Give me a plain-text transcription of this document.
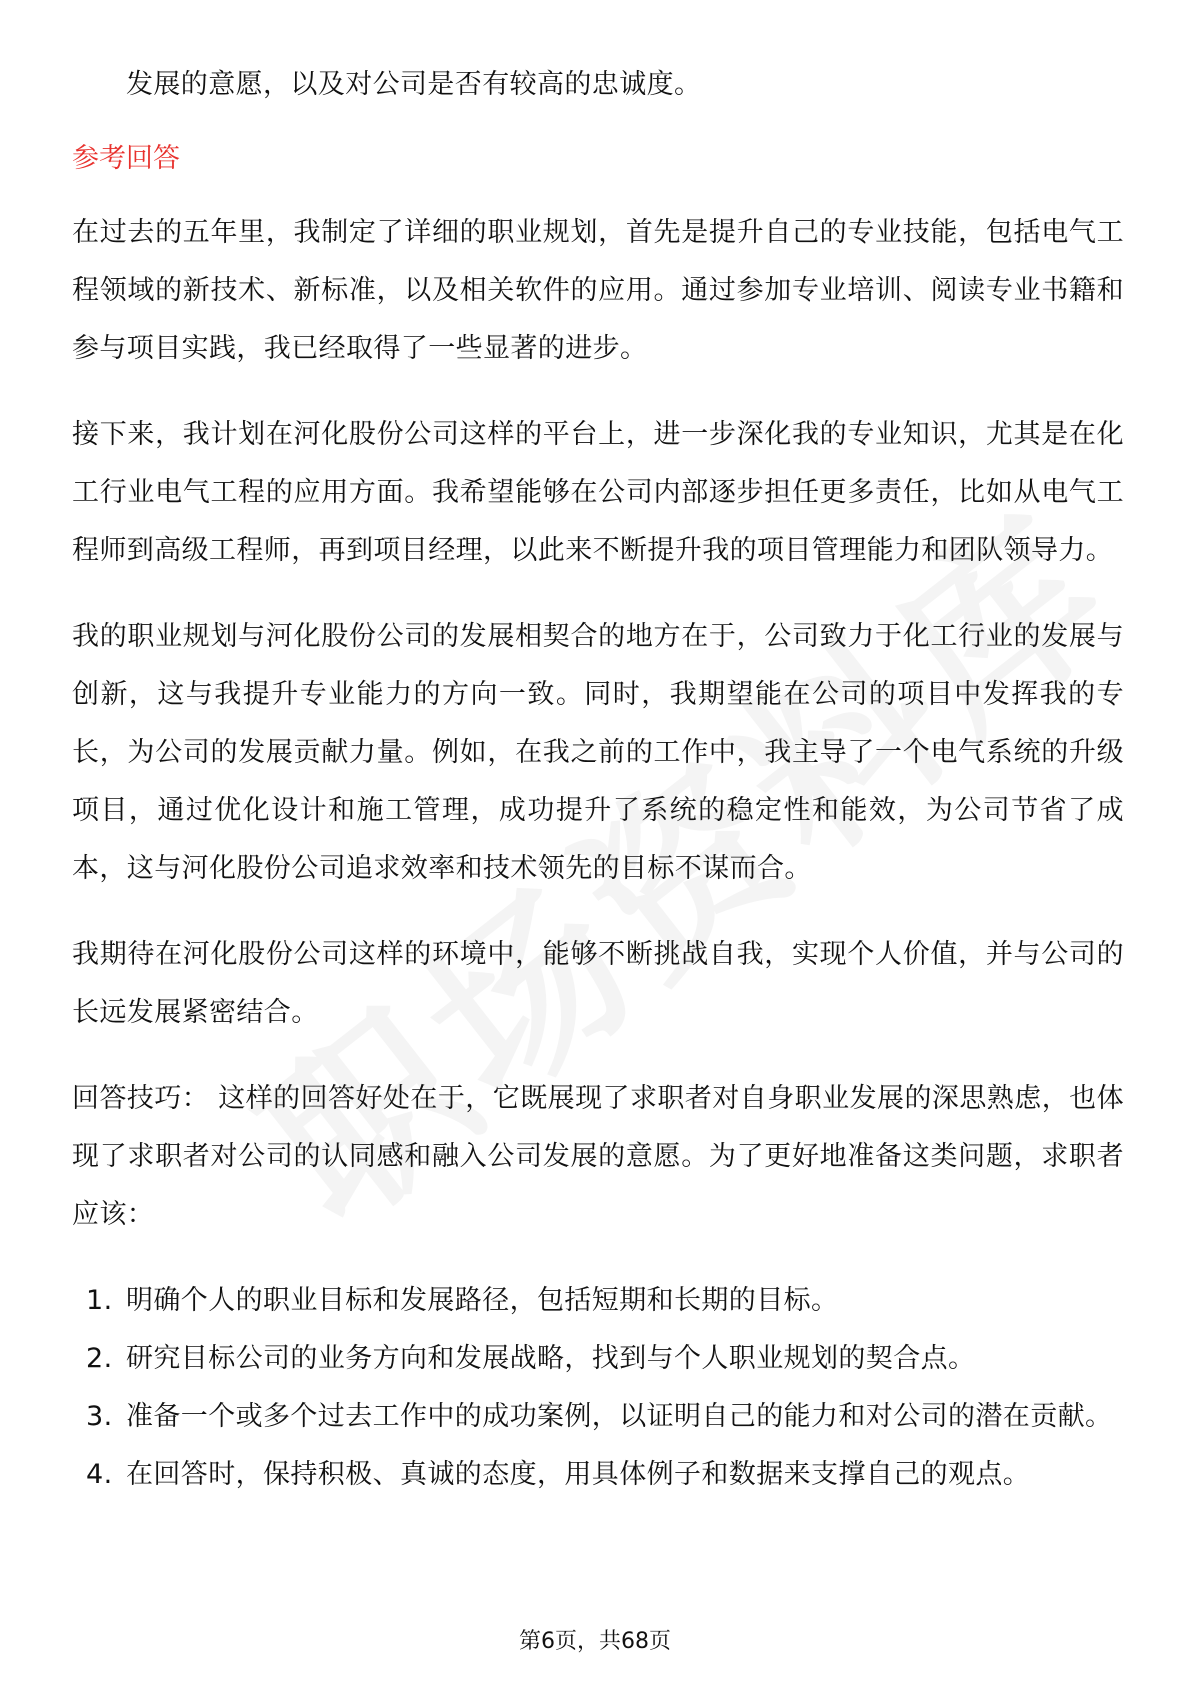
发展的意愿，以及对公司是否有较高的忠诚度。

参考回答

在过去的五年里，我制定了详细的职业规划，首先是提升自己的专业技能，包括电气工程领域的新技术、新标准，以及相关软件的应用。通过参加专业培训、阅读专业书籍和参与项目实践，我已经取得了一些显著的进步。

接下来，我计划在河化股份公司这样的平台上，进一步深化我的专业知识，尤其是在化工行业电气工程的应用方面。我希望能够在公司内部逐步担任更多责任，比如从电气工程师到高级工程师，再到项目经理，以此来不断提升我的项目管理能力和团队领导力。

我的职业规划与河化股份公司的发展相契合的地方在于，公司致力于化工行业的发展与创新，这与我提升专业能力的方向一致。同时，我期望能在公司的项目中发挥我的专长，为公司的发展贡献力量。例如，在我之前的工作中，我主导了一个电气系统的升级项目，通过优化设计和施工管理，成功提升了系统的稳定性和能效，为公司节省了成本，这与河化股份公司追求效率和技术领先的目标不谋而合。

我期待在河化股份公司这样的环境中，能够不断挑战自我，实现个人价值，并与公司的长远发展紧密结合。

回答技巧： 这样的回答好处在于，它既展现了求职者对自身职业发展的深思熟虑，也体现了求职者对公司的认同感和融入公司发展的意愿。为了更好地准备这类问题，求职者应该：

1. 明确个人的职业目标和发展路径，包括短期和长期的目标。
2. 研究目标公司的业务方向和发展战略，找到与个人职业规划的契合点。
3. 准备一个或多个过去工作中的成功案例，以证明自己的能力和对公司的潜在贡献。
4. 在回答时，保持积极、真诚的态度，用具体例子和数据来支撑自己的观点。
第6页，共68页
